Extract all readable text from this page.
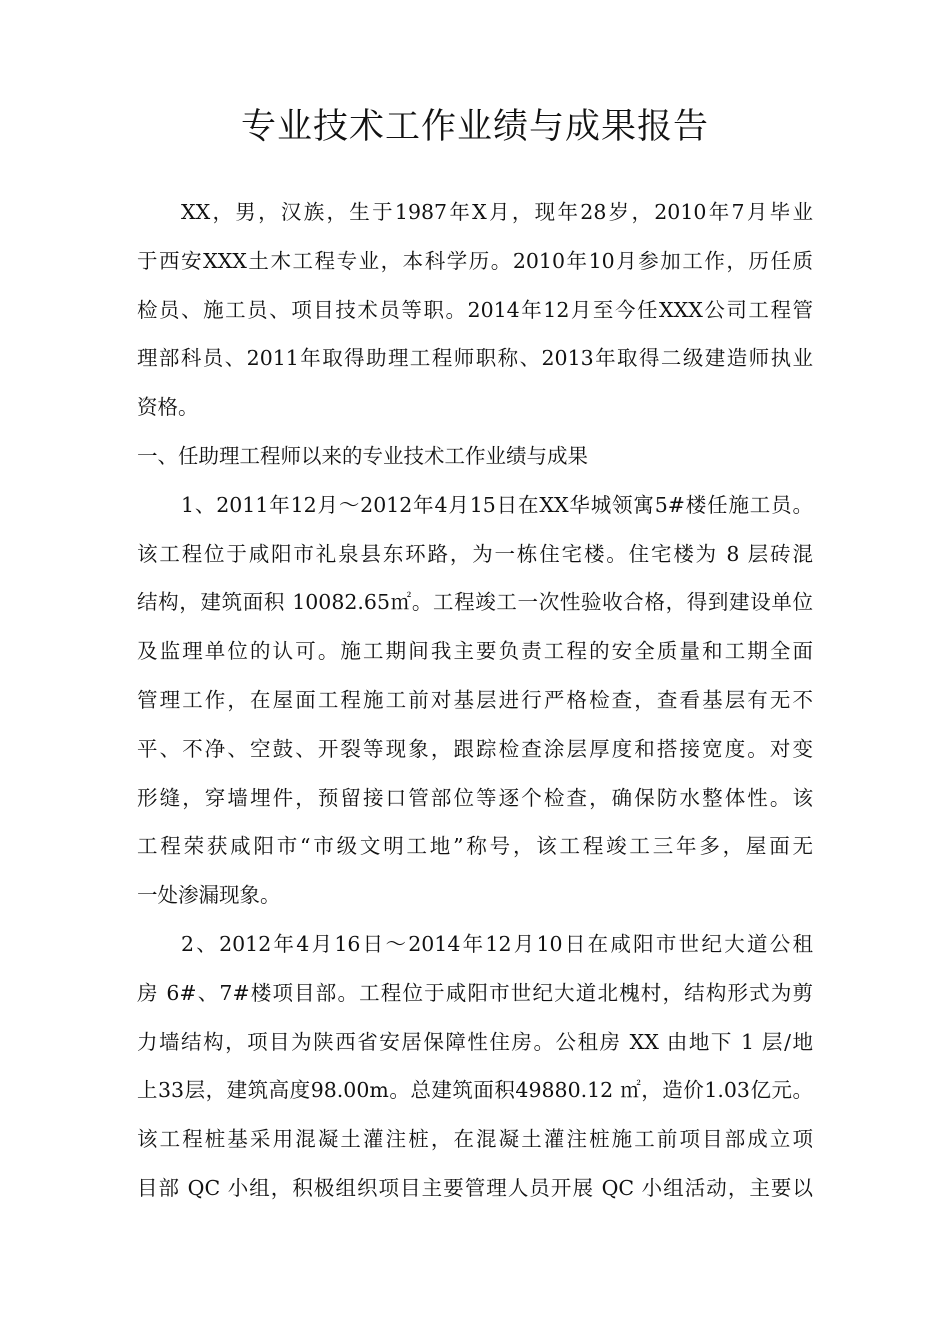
专业技术工作业绩与成果报告
XX，男，汉族，生于1987年X月，现年28岁，2010年7月毕业
于西安XXX土木工程专业，本科学历。2010年10月参加工作，历任质
检员、施工员、项目技术员等职。2014年12月至今任XXX公司工程管
理部科员、2011年取得助理工程师职称、2013年取得二级建造师执业
资格。
一、任助理工程师以来的专业技术工作业绩与成果
1、2011年12月～2012年4月15日在XX华城领寓5#楼任施工员。
该工程位于咸阳市礼泉县东环路，为一栋住宅楼。住宅楼为 8 层砖混
结构，建筑面积 10082.65㎡。工程竣工一次性验收合格，得到建设单位
及监理单位的认可。施工期间我主要负责工程的安全质量和工期全面
管理工作，在屋面工程施工前对基层进行严格检查，查看基层有无不
平、不净、空鼓、开裂等现象，跟踪检查涂层厚度和搭接宽度。对变
形缝，穿墙埋件，预留接口管部位等逐个检查，确保防水整体性。该
工程荣获咸阳市“市级文明工地”称号，该工程竣工三年多，屋面无
一处渗漏现象。
2、2012年4月16日～2014年12月10日在咸阳市世纪大道公租
房 6#、7#楼项目部。工程位于咸阳市世纪大道北槐村，结构形式为剪
力墙结构，项目为陕西省安居保障性住房。公租房 XX 由地下 1 层/地
上33层，建筑高度98.00m。总建筑面积49880.12 ㎡，造价1.03亿元。
该工程桩基采用混凝土灌注桩，在混凝土灌注桩施工前项目部成立项
目部 QC 小组，积极组织项目主要管理人员开展 QC 小组活动，主要以
